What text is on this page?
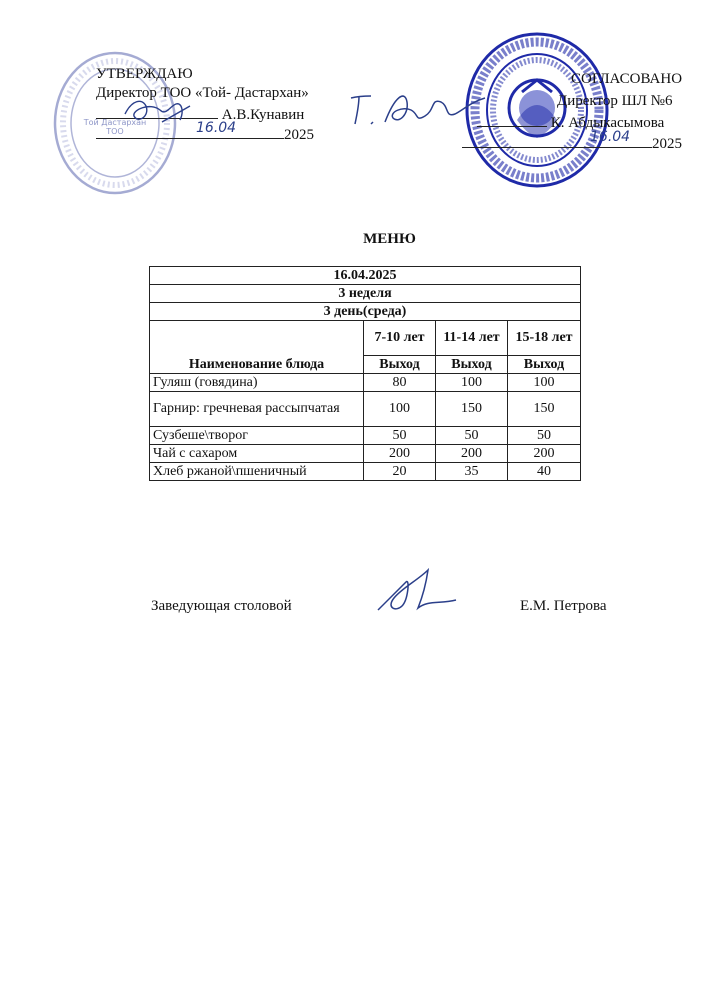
Той Дастархан ТОО
УТВЕРЖДАЮ
Директор ТОО «Той- Дастархан»
А.В.Кунавин
16.04	2025
СОГЛАСОВАНО
Директор ШЛ №6
К. Абдыкасымова
16.04 2025
МЕНЮ
16.04.2025			
3 неделя			
3 день(среда)			
Наименование блюда	7-10 лет	11-14 лет	15-18 лет
	Выход	Выход	Выход
Гуляш (говядина)	80	100	100
Гарнир: гречневая рассыпчатая	100	150	150
Сузбеше\творог	50	50	50
Чай с сахаром	200	200	200
Хлеб ржаной\пшеничный	20	35	40
Заведующая столовой	Е.М. Петрова
